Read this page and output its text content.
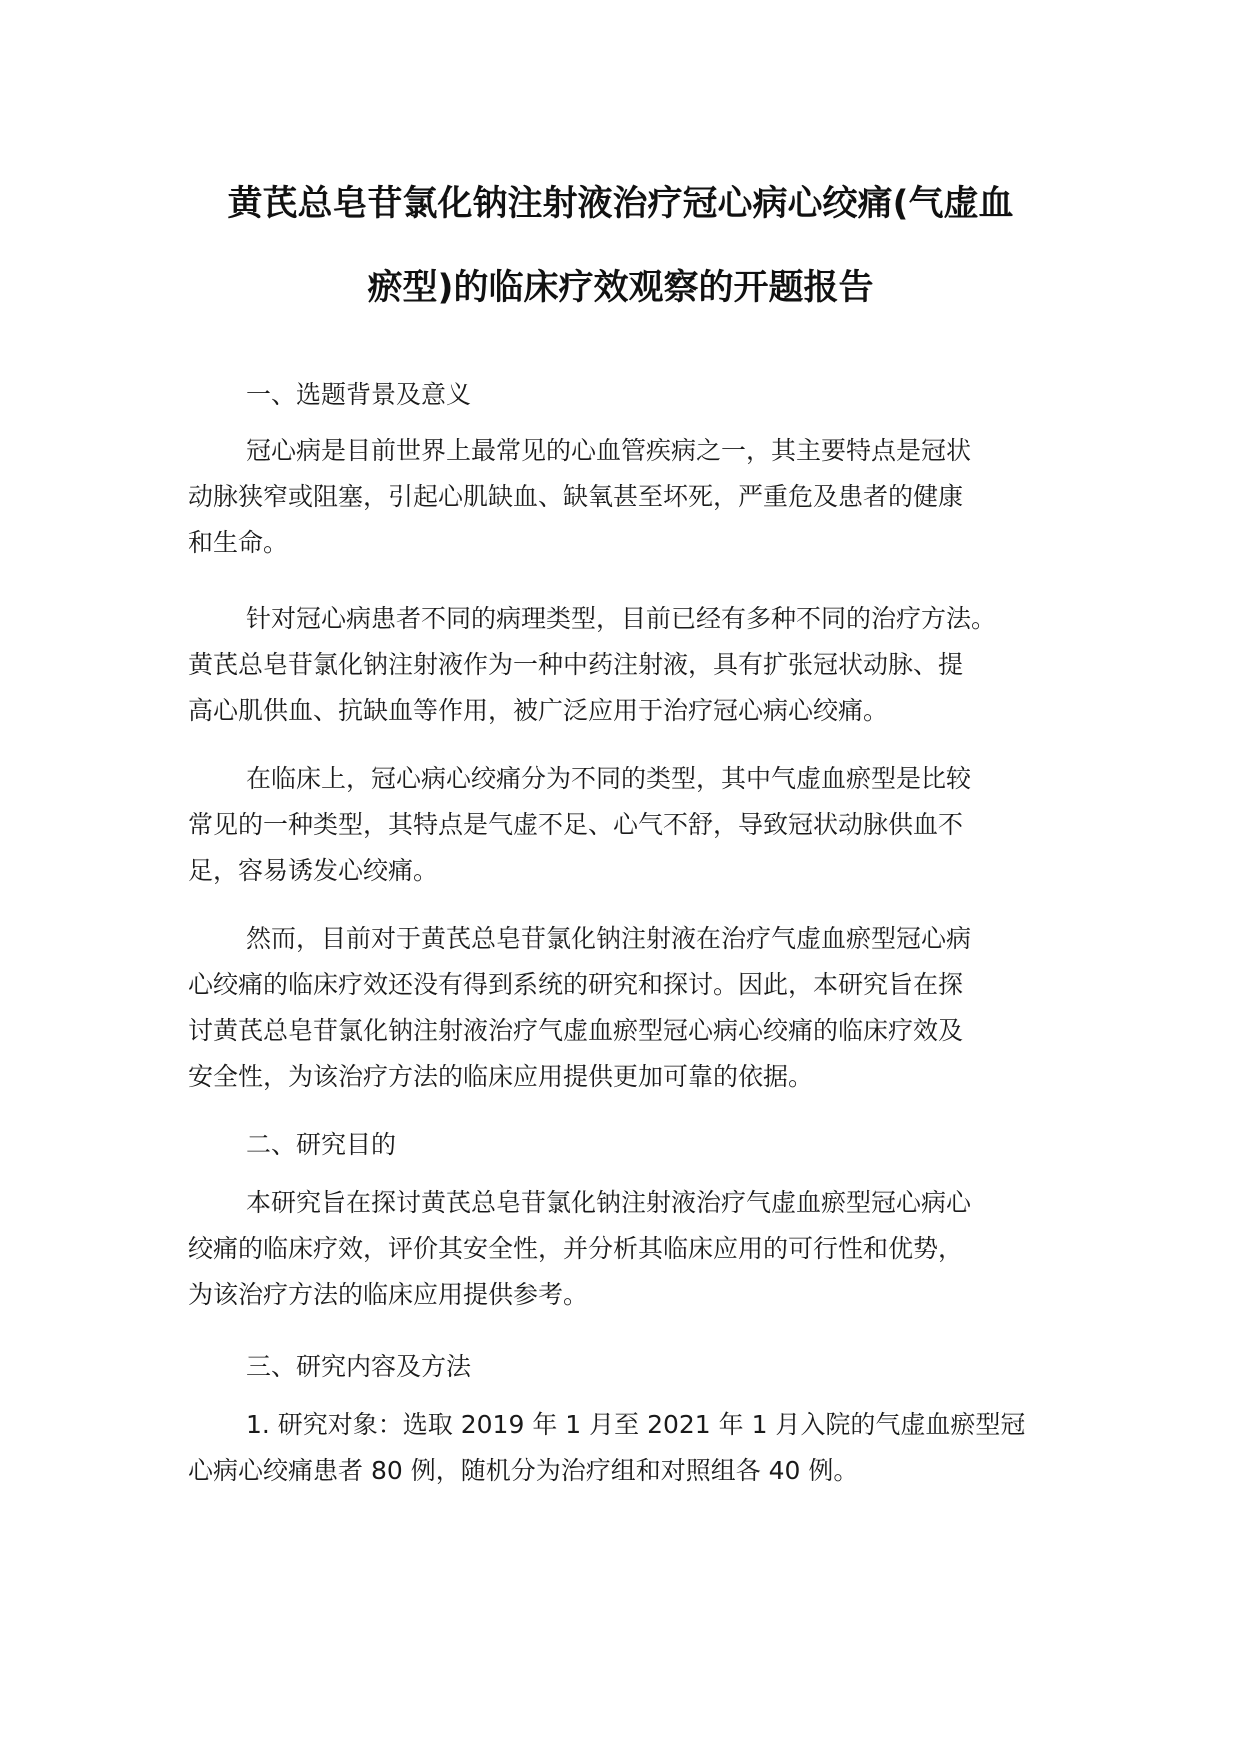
黄芪总皂苷氯化钠注射液治疗冠心病心绞痛(气虚血
瘀型)的临床疗效观察的开题报告

一、选题背景及意义

冠心病是目前世界上最常见的心血管疾病之一，其主要特点是冠状

动脉狭窄或阻塞，引起心肌缺血、缺氧甚至坏死，严重危及患者的健康

和生命。

针对冠心病患者不同的病理类型，目前已经有多种不同的治疗方法。

黄芪总皂苷氯化钠注射液作为一种中药注射液，具有扩张冠状动脉、提

高心肌供血、抗缺血等作用，被广泛应用于治疗冠心病心绞痛。

在临床上，冠心病心绞痛分为不同的类型，其中气虚血瘀型是比较

常见的一种类型，其特点是气虚不足、心气不舒，导致冠状动脉供血不

足，容易诱发心绞痛。

然而，目前对于黄芪总皂苷氯化钠注射液在治疗气虚血瘀型冠心病

心绞痛的临床疗效还没有得到系统的研究和探讨。因此，本研究旨在探

讨黄芪总皂苷氯化钠注射液治疗气虚血瘀型冠心病心绞痛的临床疗效及

安全性，为该治疗方法的临床应用提供更加可靠的依据。

二、研究目的

本研究旨在探讨黄芪总皂苷氯化钠注射液治疗气虚血瘀型冠心病心

绞痛的临床疗效，评价其安全性，并分析其临床应用的可行性和优势，

为该治疗方法的临床应用提供参考。

三、研究内容及方法

1. 研究对象：选取 2019 年 1 月至 2021 年 1 月入院的气虚血瘀型冠

心病心绞痛患者 80 例，随机分为治疗组和对照组各 40 例。
